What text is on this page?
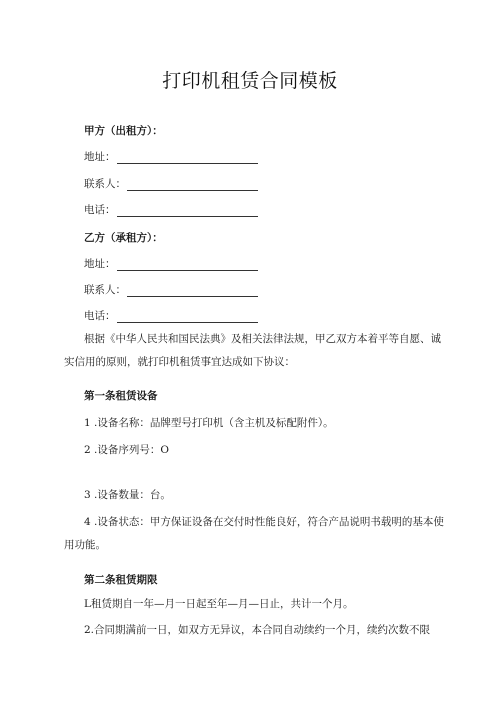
打印机租赁合同模板
甲方（出租方）：
地址：
联系人：
电话：
乙方（承租方）：
地址：
联系人：
电话：
根据《中华人民共和国民法典》及相关法律法规，甲乙双方本着平等自愿、诚实信用的原则，就打印机租赁事宜达成如下协议：
第一条租赁设备
1 .设备名称：品牌型号打印机（含主机及标配附件）。
2 .设备序列号：O
3 .设备数量：台。
4 .设备状态：甲方保证设备在交付时性能良好，符合产品说明书载明的基本使用功能。
第二条租赁期限
L租赁期自一年—月一日起至年—月—日止，共计一个月。
2.合同期满前一日，如双方无异议，本合同自动续约一个月，续约次数不限
